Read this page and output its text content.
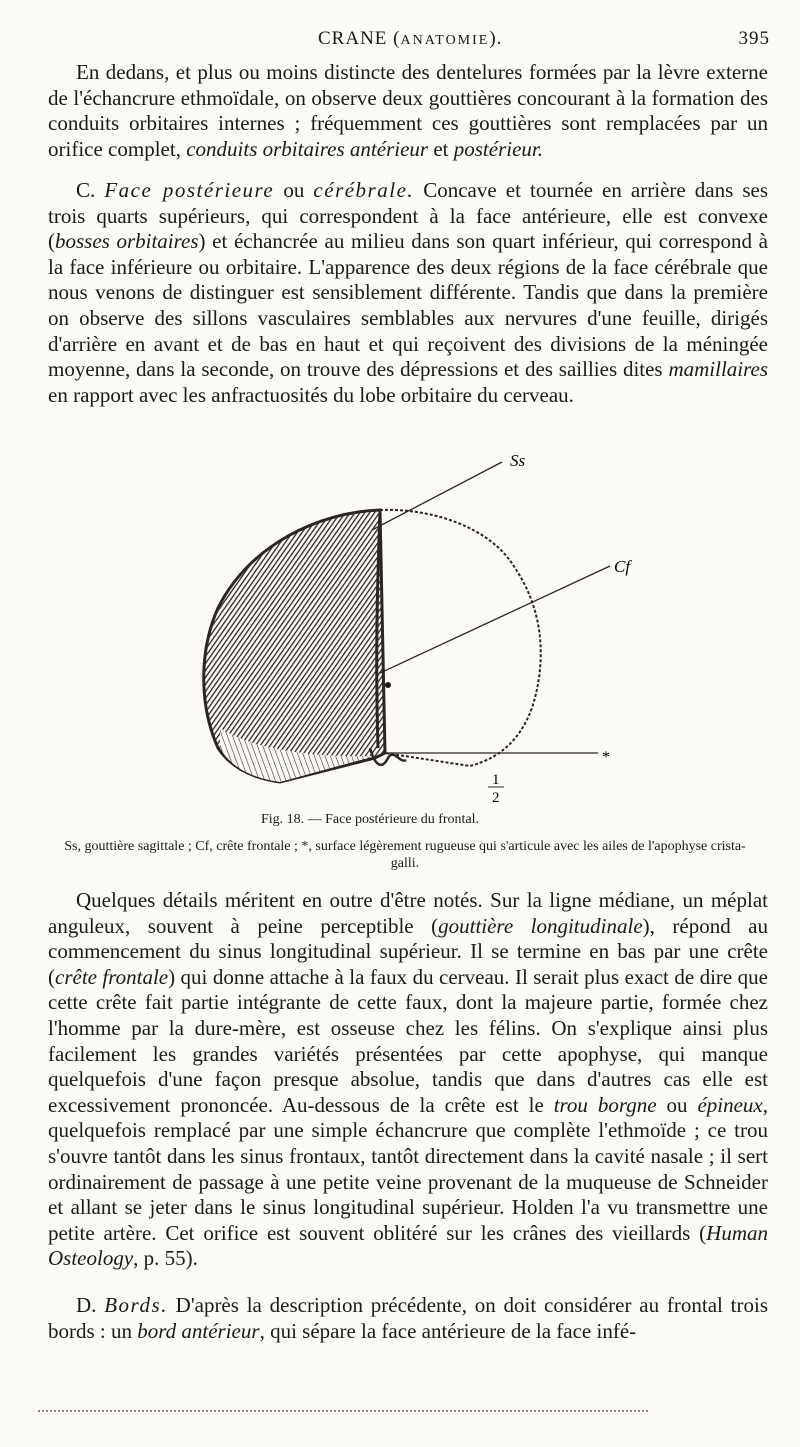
CRANE (ANATOMIE).	395

En dedans, et plus ou moins distincte des dentelures formées par la lèvre externe de l'échancrure ethmoïdale, on observe deux gouttières concourant à la formation des conduits orbitaires internes ; fréquemment ces gouttières sont remplacées par un orifice complet, conduits orbitaires antérieur et postérieur.

C. Face postérieure ou cérébrale. Concave et tournée en arrière dans ses trois quarts supérieurs, qui correspondent à la face antérieure, elle est convexe (bosses orbitaires) et échancrée au milieu dans son quart inférieur, qui correspond à la face inférieure ou orbitaire. L'apparence des deux régions de la face cérébrale que nous venons de distinguer est sensiblement différente. Tandis que dans la première on observe des sillons vasculaires semblables aux nervures d'une feuille, dirigés d'arrière en avant et de bas en haut et qui reçoivent des divisions de la méningée moyenne, dans la seconde, on trouve des dépressions et des saillies dites mamillaires en rapport avec les anfractuosités du lobe orbitaire du cerveau.

Ss
Cf
*
1
2
Fig. 18. — Face postérieure du frontal.
Ss, gouttière sagittale ; Cf, crête frontale ; *, surface légèrement rugueuse qui s'articule avec les ailes de l'apophyse crista-galli.

Quelques détails méritent en outre d'être notés. Sur la ligne médiane, un méplat anguleux, souvent à peine perceptible (gouttière longitudinale), répond au commencement du sinus longitudinal supérieur. Il se termine en bas par une crête (crête frontale) qui donne attache à la faux du cerveau. Il serait plus exact de dire que cette crête fait partie intégrante de cette faux, dont la majeure partie, formée chez l'homme par la dure-mère, est osseuse chez les félins. On s'explique ainsi plus facilement les grandes variétés présentées par cette apophyse, qui manque quelquefois d'une façon presque absolue, tandis que dans d'autres cas elle est excessivement prononcée. Au-dessous de la crête est le trou borgne ou épineux, quelquefois remplacé par une simple échancrure que complète l'ethmoïde ; ce trou s'ouvre tantôt dans les sinus frontaux, tantôt directement dans la cavité nasale ; il sert ordinairement de passage à une petite veine provenant de la muqueuse de Schneider et allant se jeter dans le sinus longitudinal supérieur. Holden l'a vu transmettre une petite artère. Cet orifice est souvent oblitéré sur les crânes des vieillards (Human Osteology, p. 55).

D. Bords. D'après la description précédente, on doit considérer au frontal trois bords : un bord antérieur, qui sépare la face antérieure de la face infé-
